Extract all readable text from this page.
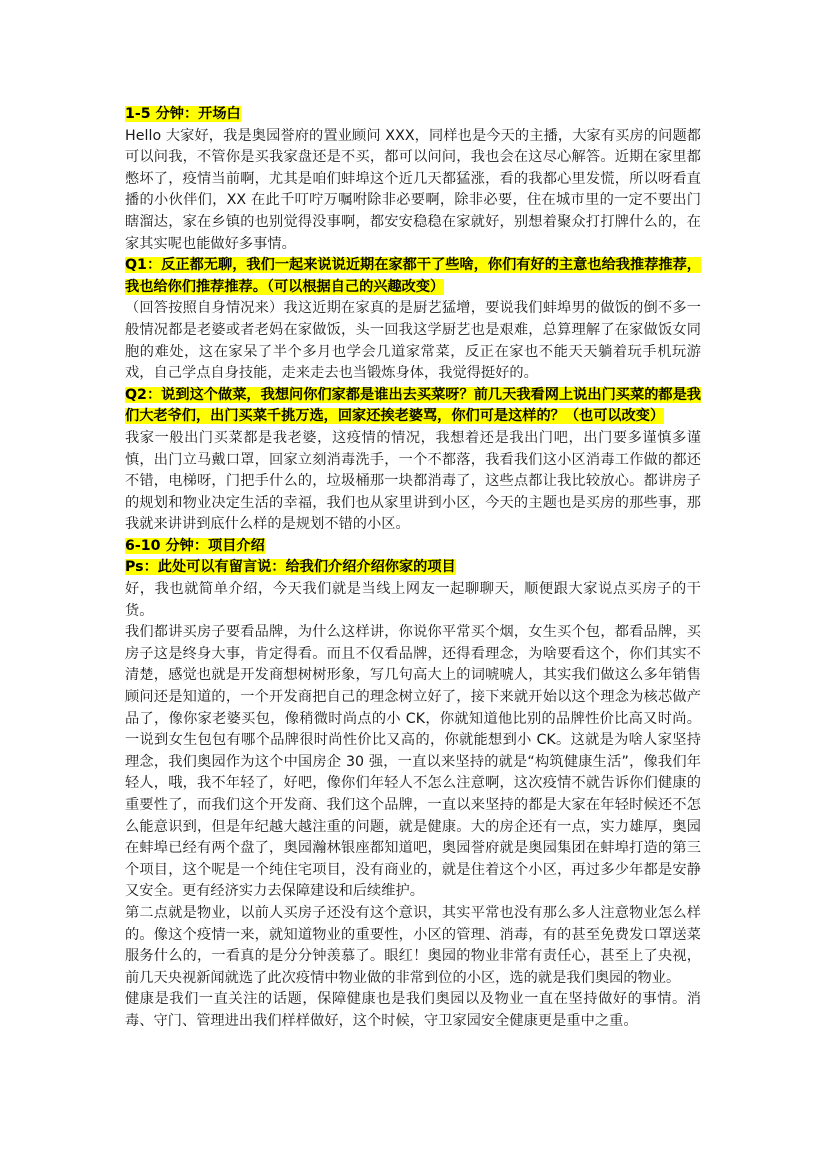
1-5 分钟：开场白

Hello 大家好，我是奥园誉府的置业顾问 XXX，同样也是今天的主播，大家有买房的问题都可以问我，不管你是买我家盘还是不买，都可以问问，我也会在这尽心解答。近期在家里都憋坏了，疫情当前啊，尤其是咱们蚌埠这个近几天都猛涨，看的我都心里发慌，所以呀看直播的小伙伴们，XX 在此千叮咛万嘱咐除非必要啊，除非必要，住在城市里的一定不要出门瞎溜达，家在乡镇的也别觉得没事啊，都安安稳稳在家就好，别想着聚众打打牌什么的，在家其实呢也能做好多事情。

Q1：反正都无聊，我们一起来说说近期在家都干了些啥，你们有好的主意也给我推荐推荐，我也给你们推荐推荐。（可以根据自己的兴趣改变）

（回答按照自身情况来）我这近期在家真的是厨艺猛增，要说我们蚌埠男的做饭的倒不多一般情况都是老婆或者老妈在家做饭，头一回我这学厨艺也是艰难，总算理解了在家做饭女同胞的难处，这在家呆了半个多月也学会几道家常菜，反正在家也不能天天躺着玩手机玩游戏，自己学点自身技能，走来走去也当锻炼身体，我觉得挺好的。

Q2：说到这个做菜，我想问你们家都是谁出去买菜呀？前几天我看网上说出门买菜的都是我们大老爷们，出门买菜千挑万选，回家还挨老婆骂，你们可是这样的？（也可以改变）

我家一般出门买菜都是我老婆，这疫情的情况，我想着还是我出门吧，出门要多谨慎多谨慎，出门立马戴口罩，回家立刻消毒洗手，一个不都落，我看我们这小区消毒工作做的都还不错，电梯呀，门把手什么的，垃圾桶那一块都消毒了，这些点都让我比较放心。都讲房子的规划和物业决定生活的幸福，我们也从家里讲到小区，今天的主题也是买房的那些事，那我就来讲讲到底什么样的是规划不错的小区。

6-10 分钟：项目介绍

Ps：此处可以有留言说：给我们介绍介绍你家的项目

好，我也就简单介绍，今天我们就是当线上网友一起聊聊天，顺便跟大家说点买房子的干货。

我们都讲买房子要看品牌，为什么这样讲，你说你平常买个烟，女生买个包，都看品牌，买房子这是终身大事，肯定得看。而且不仅看品牌，还得看理念，为啥要看这个，你们其实不清楚，感觉也就是开发商想树树形象，写几句高大上的词唬唬人，其实我们做这么多年销售顾问还是知道的，一个开发商把自己的理念树立好了，接下来就开始以这个理念为核芯做产品了，像你家老婆买包，像稍微时尚点的小 CK，你就知道他比别的品牌性价比高又时尚。一说到女生包包有哪个品牌很时尚性价比又高的，你就能想到小 CK。这就是为啥人家坚持理念，我们奥园作为这个中国房企 30 强，一直以来坚持的就是“构筑健康生活”，像我们年轻人，哦，我不年轻了，好吧，像你们年轻人不怎么注意啊，这次疫情不就告诉你们健康的重要性了，而我们这个开发商、我们这个品牌，一直以来坚持的都是大家在年轻时候还不怎么能意识到，但是年纪越大越注重的问题，就是健康。大的房企还有一点，实力雄厚，奥园在蚌埠已经有两个盘了，奥园瀚林银座都知道吧，奥园誉府就是奥园集团在蚌埠打造的第三个项目，这个呢是一个纯住宅项目，没有商业的，就是住着这个小区，再过多少年都是安静又安全。更有经济实力去保障建设和后续维护。

第二点就是物业，以前人买房子还没有这个意识，其实平常也没有那么多人注意物业怎么样的。像这个疫情一来，就知道物业的重要性，小区的管理、消毒，有的甚至免费发口罩送菜服务什么的，一看真的是分分钟羡慕了。眼红！奥园的物业非常有责任心，甚至上了央视，前几天央视新闻就选了此次疫情中物业做的非常到位的小区，选的就是我们奥园的物业。

健康是我们一直关注的话题，保障健康也是我们奥园以及物业一直在坚持做好的事情。消毒、守门、管理进出我们样样做好，这个时候，守卫家园安全健康更是重中之重。
